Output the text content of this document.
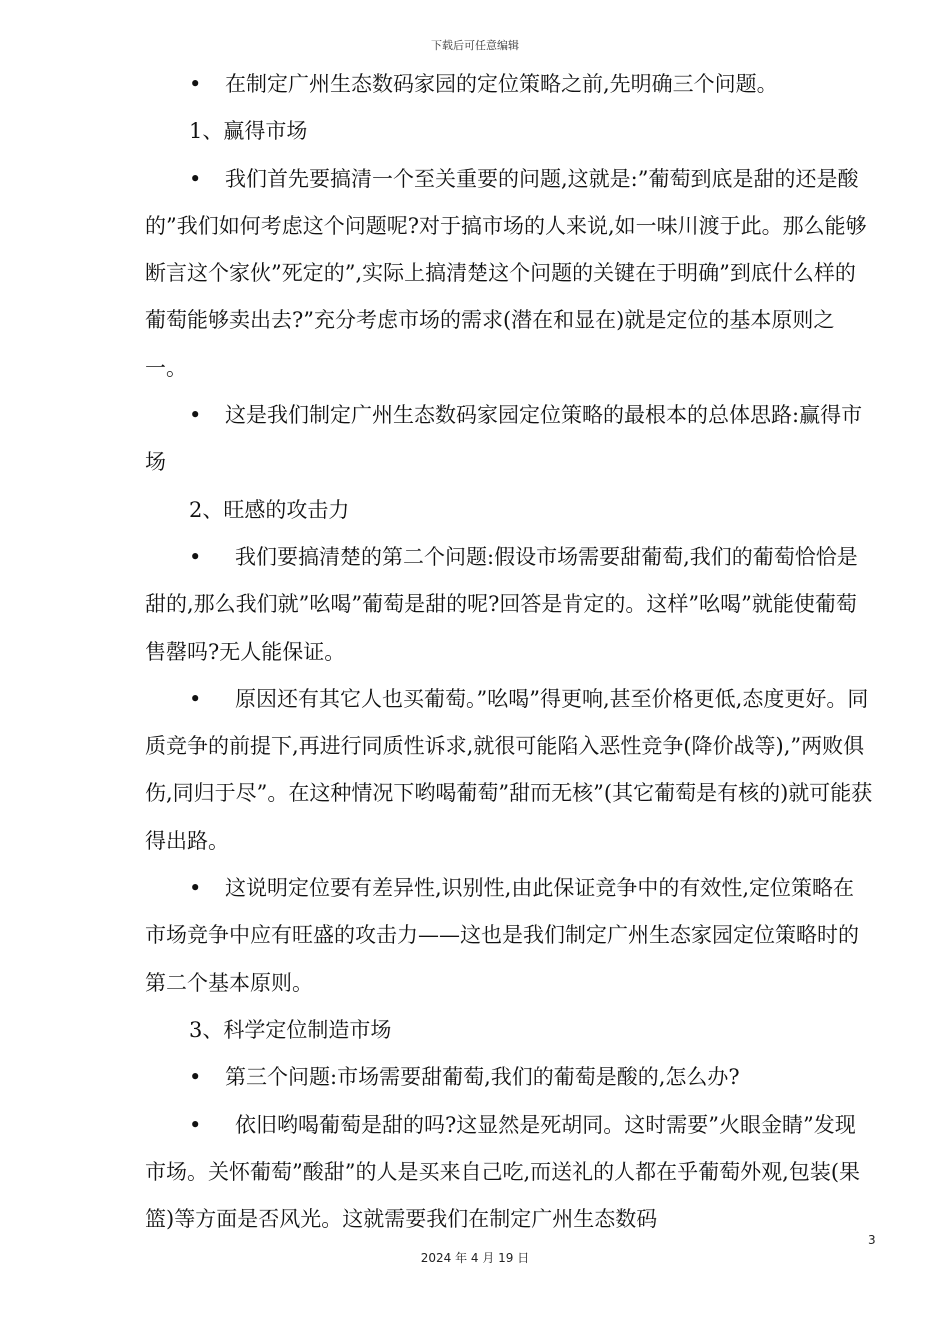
下载后可任意编辑

• 在制定广州生态数码家园的定位策略之前,先明确三个问题。

1、赢得市场

• 我们首先要搞清一个至关重要的问题,这就是:”葡萄到底是甜的还是酸的”我们如何考虑这个问题呢?对于搞市场的人来说,如一味川渡于此。那么能够断言这个家伙”死定的”,实际上搞清楚这个问题的关键在于明确”到底什么样的葡萄能够卖出去?”充分考虑市场的需求(潜在和显在)就是定位的基本原则之一。

• 这是我们制定广州生态数码家园定位策略的最根本的总体思路:赢得市场

2、旺感的攻击力

• 我们要搞清楚的第二个问题:假设市场需要甜葡萄,我们的葡萄恰恰是甜的,那么我们就”吆喝”葡萄是甜的呢?回答是肯定的。这样”吆喝”就能使葡萄售罄吗?无人能保证。

• 原因还有其它人也买葡萄。”吆喝”得更响,甚至价格更低,态度更好。同质竞争的前提下,再进行同质性诉求,就很可能陷入恶性竞争(降价战等),”两败俱伤,同归于尽”。在这种情况下哟喝葡萄”甜而无核”(其它葡萄是有核的)就可能获得出路。

• 这说明定位要有差异性,识别性,由此保证竞争中的有效性,定位策略在市场竞争中应有旺盛的攻击力——这也是我们制定广州生态家园定位策略时的第二个基本原则。

3、科学定位制造市场

• 第三个问题:市场需要甜葡萄,我们的葡萄是酸的,怎么办?

• 依旧哟喝葡萄是甜的吗?这显然是死胡同。这时需要”火眼金睛”发现市场。关怀葡萄”酸甜”的人是买来自己吃,而送礼的人都在乎葡萄外观,包装(果篮)等方面是否风光。这就需要我们在制定广州生态数码

3
2024 年 4 月 19 日
